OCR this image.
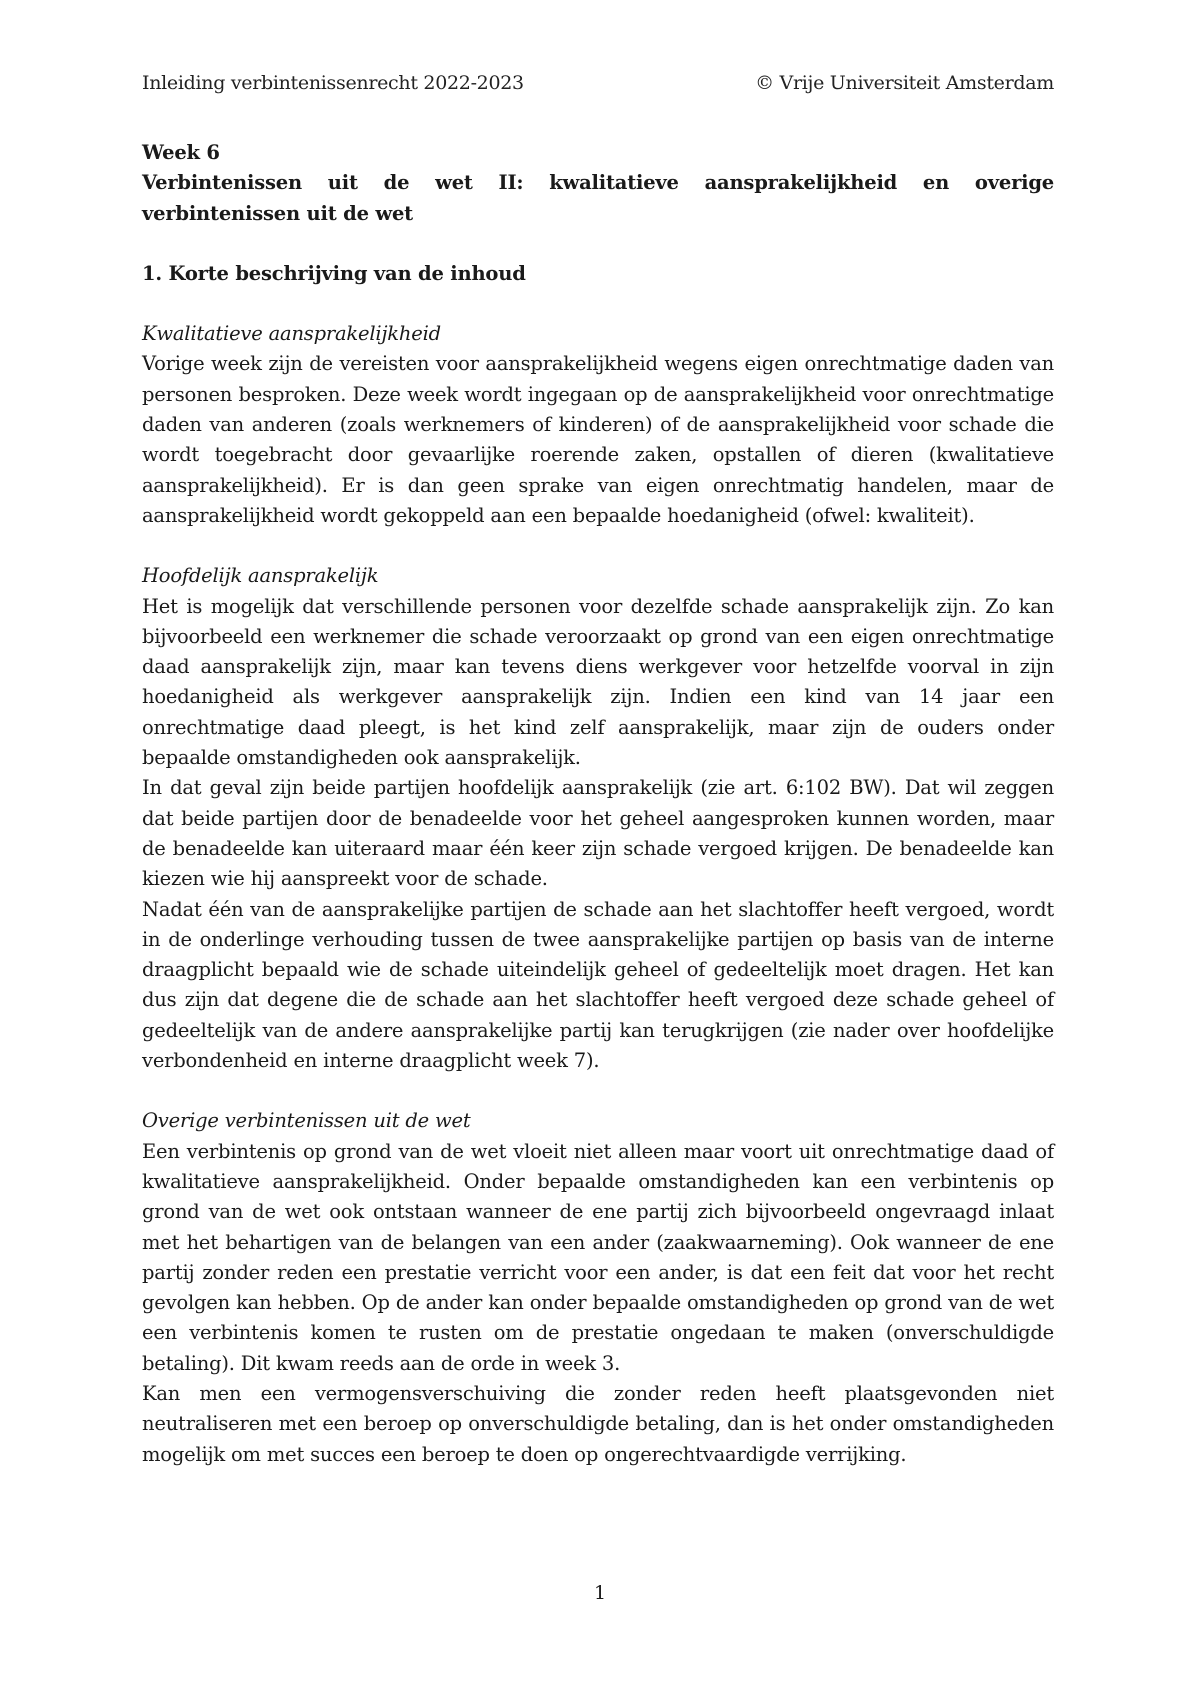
Inleiding verbintenissenrecht 2022-2023	© Vrije Universiteit Amsterdam

Week 6

Verbintenissen uit de wet II: kwalitatieve aansprakelijkheid en overige verbintenissen uit de wet

1. Korte beschrijving van de inhoud

Kwalitatieve aansprakelijkheid

Vorige week zijn de vereisten voor aansprakelijkheid wegens eigen onrechtmatige daden van personen besproken. Deze week wordt ingegaan op de aansprakelijkheid voor onrechtmatige daden van anderen (zoals werknemers of kinderen) of de aansprakelijkheid voor schade die wordt toegebracht door gevaarlijke roerende zaken, opstallen of dieren (kwalitatieve aansprakelijkheid). Er is dan geen sprake van eigen onrechtmatig handelen, maar de aansprakelijkheid wordt gekoppeld aan een bepaalde hoedanigheid (ofwel: kwaliteit).

Hoofdelijk aansprakelijk

Het is mogelijk dat verschillende personen voor dezelfde schade aansprakelijk zijn. Zo kan bijvoorbeeld een werknemer die schade veroorzaakt op grond van een eigen onrechtmatige daad aansprakelijk zijn, maar kan tevens diens werkgever voor hetzelfde voorval in zijn hoedanigheid als werkgever aansprakelijk zijn. Indien een kind van 14 jaar een onrechtmatige daad pleegt, is het kind zelf aansprakelijk, maar zijn de ouders onder bepaalde omstandigheden ook aansprakelijk.

In dat geval zijn beide partijen hoofdelijk aansprakelijk (zie art. 6:102 BW). Dat wil zeggen dat beide partijen door de benadeelde voor het geheel aangesproken kunnen worden, maar de benadeelde kan uiteraard maar één keer zijn schade vergoed krijgen. De benadeelde kan kiezen wie hij aanspreekt voor de schade.

Nadat één van de aansprakelijke partijen de schade aan het slachtoffer heeft vergoed, wordt in de onderlinge verhouding tussen de twee aansprakelijke partijen op basis van de interne draagplicht bepaald wie de schade uiteindelijk geheel of gedeeltelijk moet dragen. Het kan dus zijn dat degene die de schade aan het slachtoffer heeft vergoed deze schade geheel of gedeeltelijk van de andere aansprakelijke partij kan terugkrijgen (zie nader over hoofdelijke verbondenheid en interne draagplicht week 7).

Overige verbintenissen uit de wet

Een verbintenis op grond van de wet vloeit niet alleen maar voort uit onrechtmatige daad of kwalitatieve aansprakelijkheid. Onder bepaalde omstandigheden kan een verbintenis op grond van de wet ook ontstaan wanneer de ene partij zich bijvoorbeeld ongevraagd inlaat met het behartigen van de belangen van een ander (zaakwaarneming). Ook wanneer de ene partij zonder reden een prestatie verricht voor een ander, is dat een feit dat voor het recht gevolgen kan hebben. Op de ander kan onder bepaalde omstandigheden op grond van de wet een verbintenis komen te rusten om de prestatie ongedaan te maken (onverschuldigde betaling). Dit kwam reeds aan de orde in week 3.

Kan men een vermogensverschuiving die zonder reden heeft plaatsgevonden niet neutraliseren met een beroep op onverschuldigde betaling, dan is het onder omstandigheden mogelijk om met succes een beroep te doen op ongerechtvaardigde verrijking.

1
